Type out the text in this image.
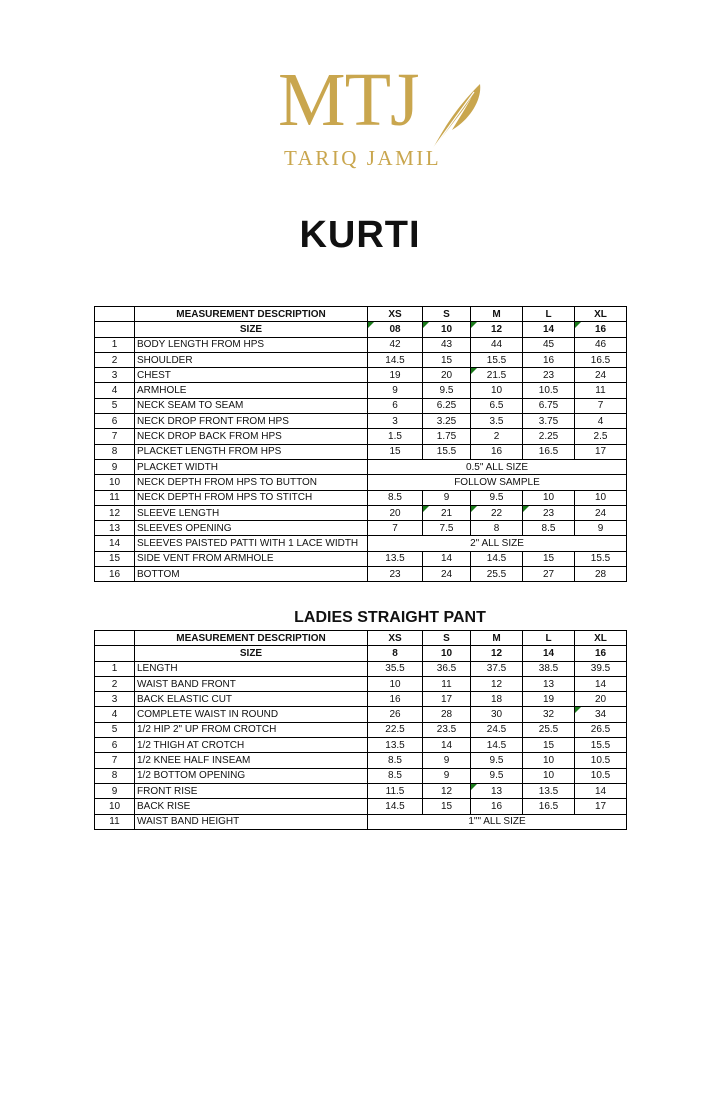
MTJ
TARIQ JAMIL
KURTI
	MEASUREMENT DESCRIPTION	XS	S	M	L	XL
	SIZE	08	10	12	14	16
1	BODY LENGTH FROM HPS	42	43	44	45	46
2	SHOULDER	14.5	15	15.5	16	16.5
3	CHEST	19	20	21.5	23	24
4	ARMHOLE	9	9.5	10	10.5	11
5	NECK SEAM TO SEAM	6	6.25	6.5	6.75	7
6	NECK DROP FRONT FROM HPS	3	3.25	3.5	3.75	4
7	NECK DROP BACK FROM HPS	1.5	1.75	2	2.25	2.5
8	PLACKET LENGTH FROM HPS	15	15.5	16	16.5	17
9	PLACKET WIDTH	0.5" ALL SIZE				
10	NECK DEPTH FROM HPS TO BUTTON	FOLLOW SAMPLE				
11	NECK DEPTH FROM HPS TO STITCH	8.5	9	9.5	10	10
12	SLEEVE LENGTH	20	21	22	23	24
13	SLEEVES OPENING	7	7.5	8	8.5	9
14	SLEEVES PAISTED PATTI WITH 1 LACE WIDTH	2" ALL SIZE				
15	SIDE VENT FROM ARMHOLE	13.5	14	14.5	15	15.5
16	BOTTOM	23	24	25.5	27	28
LADIES STRAIGHT PANT
	MEASUREMENT DESCRIPTION	XS	S	M	L	XL
	SIZE	8	10	12	14	16
1	LENGTH	35.5	36.5	37.5	38.5	39.5
2	WAIST BAND FRONT	10	11	12	13	14
3	BACK ELASTIC CUT	16	17	18	19	20
4	COMPLETE WAIST IN ROUND	26	28	30	32	34
5	1/2 HIP 2" UP FROM CROTCH	22.5	23.5	24.5	25.5	26.5
6	1/2 THIGH AT CROTCH	13.5	14	14.5	15	15.5
7	1/2 KNEE HALF INSEAM	8.5	9	9.5	10	10.5
8	1/2 BOTTOM OPENING	8.5	9	9.5	10	10.5
9	FRONT RISE	11.5	12	13	13.5	14
10	BACK RISE	14.5	15	16	16.5	17
11	WAIST BAND HEIGHT	1"" ALL SIZE				
